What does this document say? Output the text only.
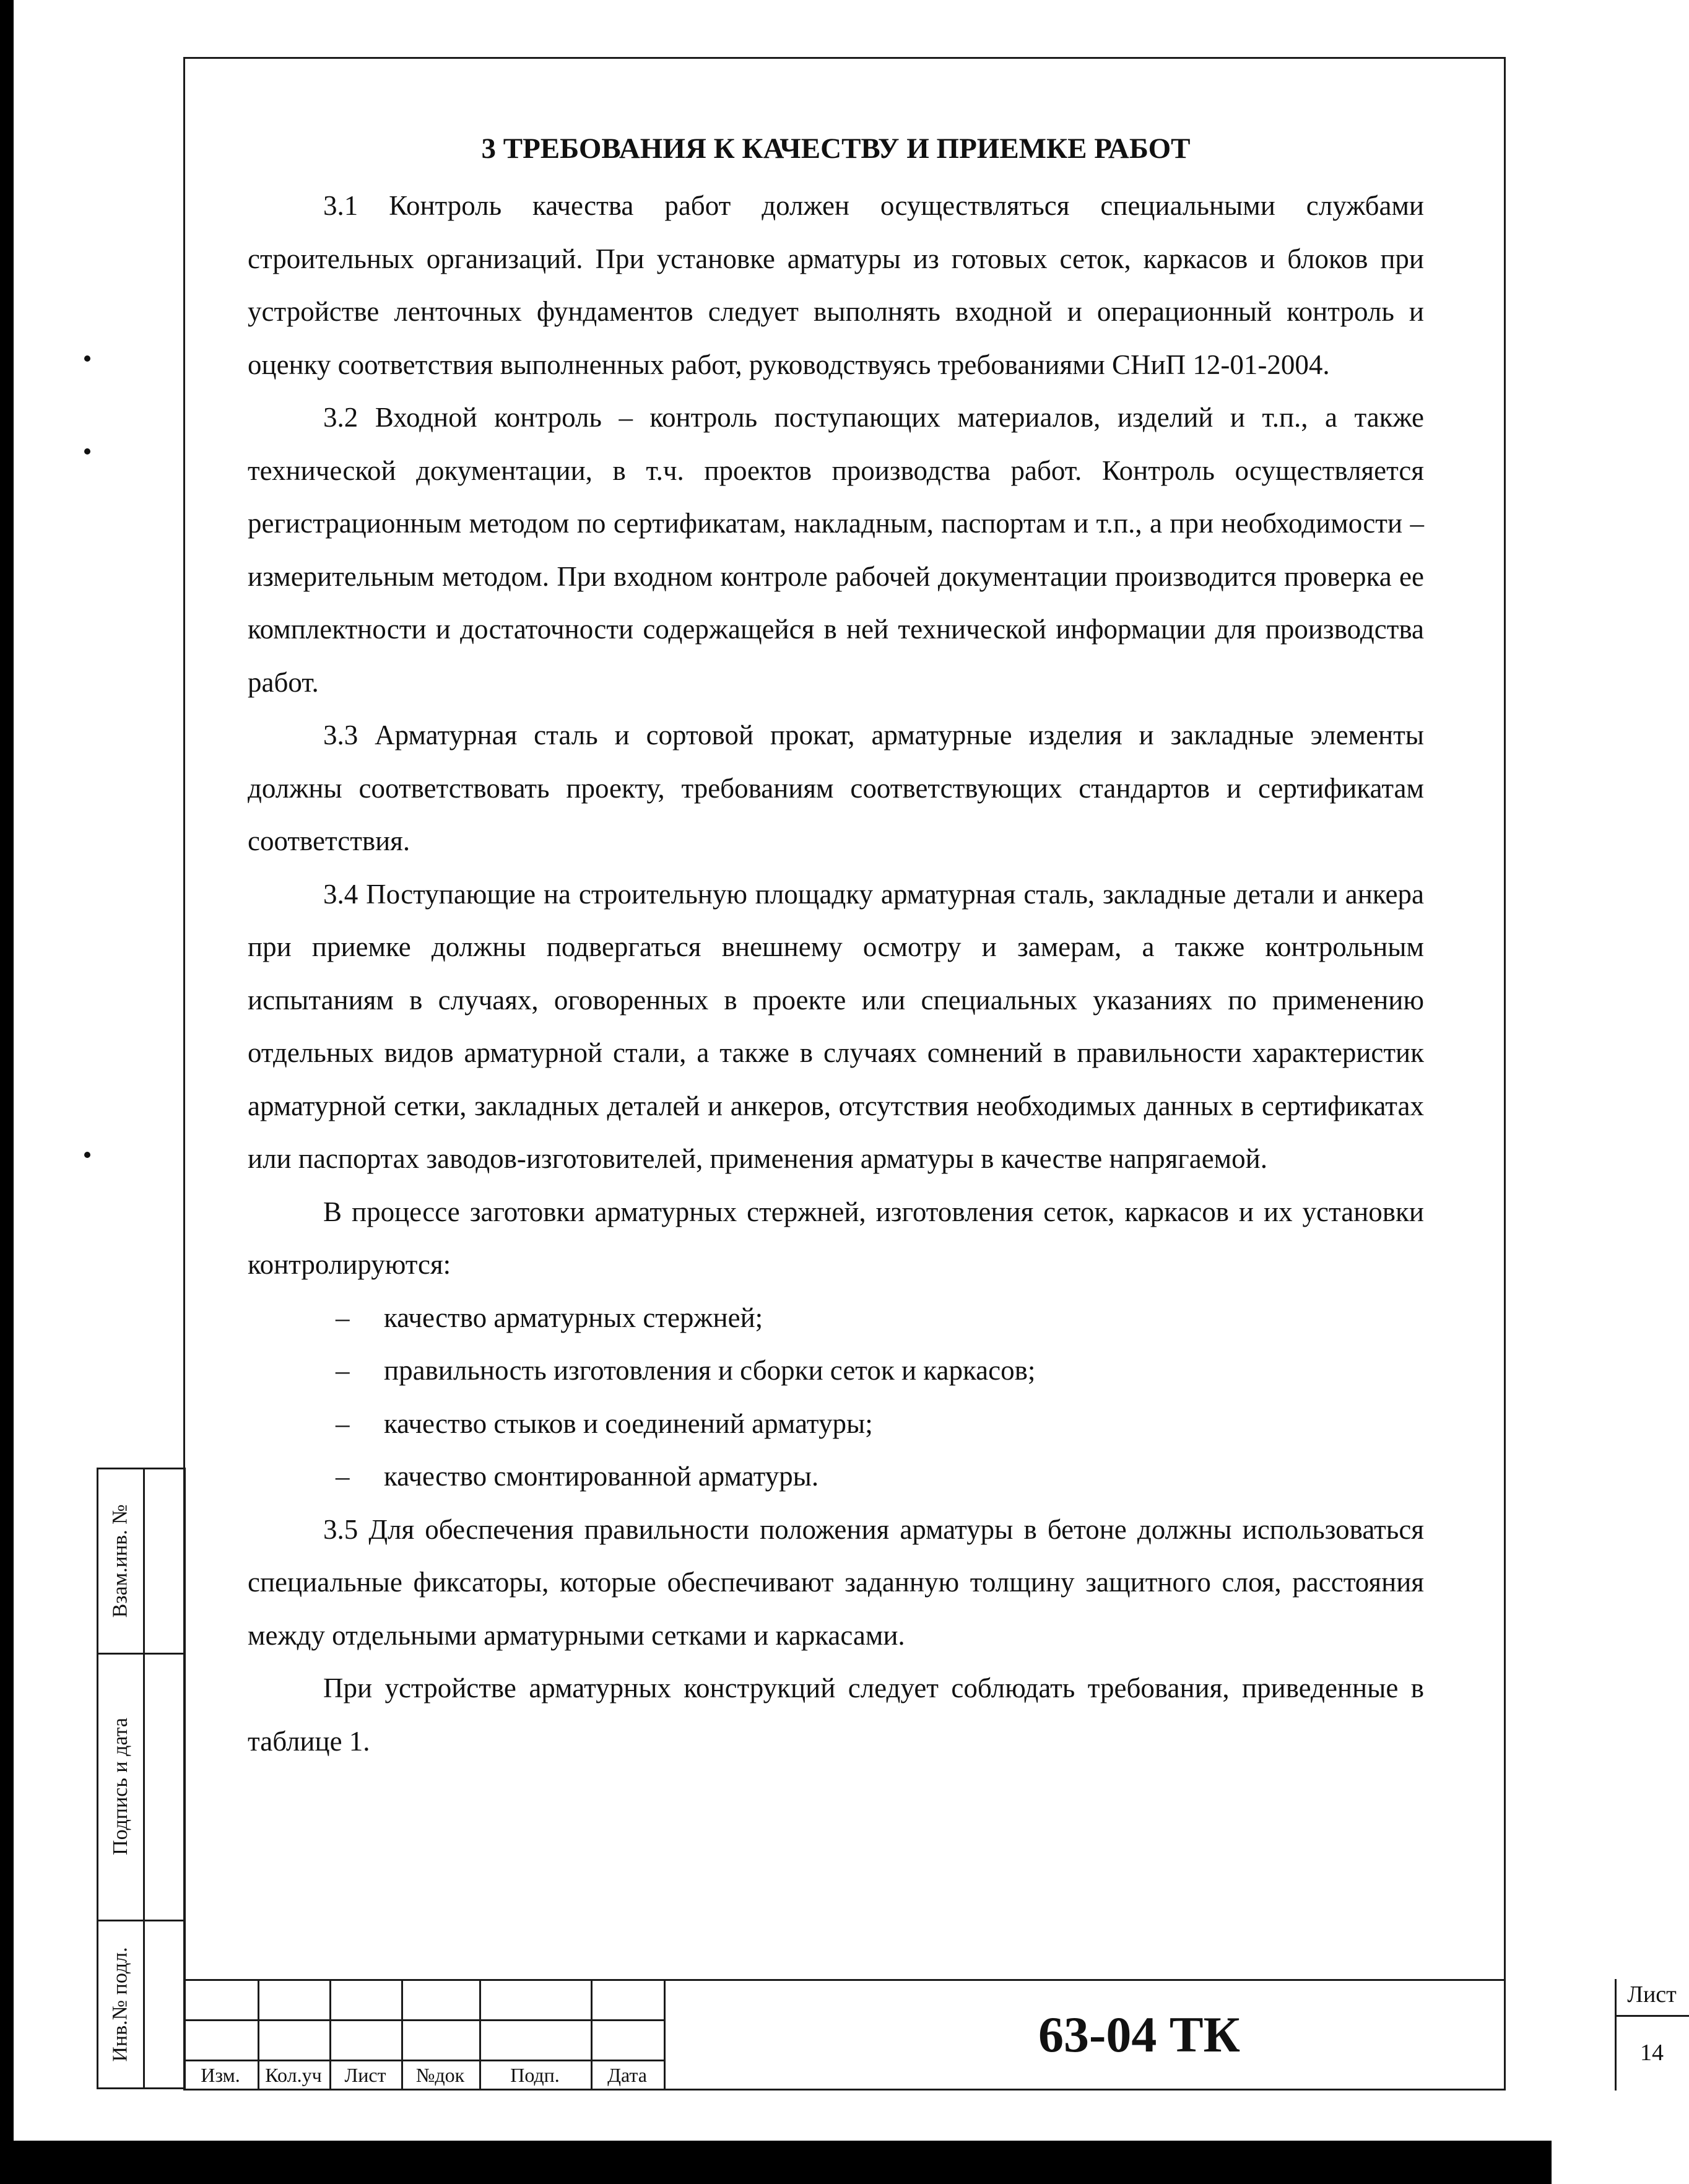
3 ТРЕБОВАНИЯ К КАЧЕСТВУ И ПРИЕМКЕ РАБОТ

3.1 Контроль качества работ должен осуществляться специальными службами строительных организаций. При установке арматуры из готовых сеток, каркасов и блоков при устройстве ленточных фундаментов следует выполнять входной и операционный контроль и оценку соответствия выполненных работ, руководствуясь требованиями СНиП 12-01-2004.

3.2 Входной контроль – контроль поступающих материалов, изделий и т.п., а также технической документации, в т.ч. проектов производства работ. Контроль осуществляется регистрационным методом по сертификатам, накладным, паспортам и т.п., а при необходимости – измерительным методом. При входном контроле рабочей документации производится проверка ее комплектности и достаточности содержащейся в ней технической информации для производства работ.

3.3 Арматурная сталь и сортовой прокат, арматурные изделия и закладные элементы должны соответствовать проекту, требованиям соответствующих стандартов и сертификатам соответствия.

3.4 Поступающие на строительную площадку арматурная сталь, закладные детали и анкера при приемке должны подвергаться внешнему осмотру и замерам, а также контрольным испытаниям в случаях, оговоренных в проекте или специальных указаниях по применению отдельных видов арматурной стали, а также в случаях сомнений в правильности характеристик арматурной сетки, закладных деталей и анкеров, отсутствия необходимых данных в сертификатах или паспортах заводов-изготовителей, применения арматуры в качестве напрягаемой.

В процессе заготовки арматурных стержней, изготовления сеток, каркасов и их установки контролируются:

– качество арматурных стержней;
– правильность изготовления и сборки сеток и каркасов;
– качество стыков и соединений арматуры;
– качество смонтированной арматуры.

3.5 Для обеспечения правильности положения арматуры в бетоне должны использоваться специальные фиксаторы, которые обеспечивают заданную толщину защитного слоя, расстояния между отдельными арматурными сетками и каркасами.

При устройстве арматурных конструкций следует соблюдать требования, приведенные в таблице 1.

Взам.инв. №
Подпись и дата
Инв.№ подл.
Изм.	Кол.уч	Лист	№док	Подп.	Дата
63-04 ТК
Лист
14
